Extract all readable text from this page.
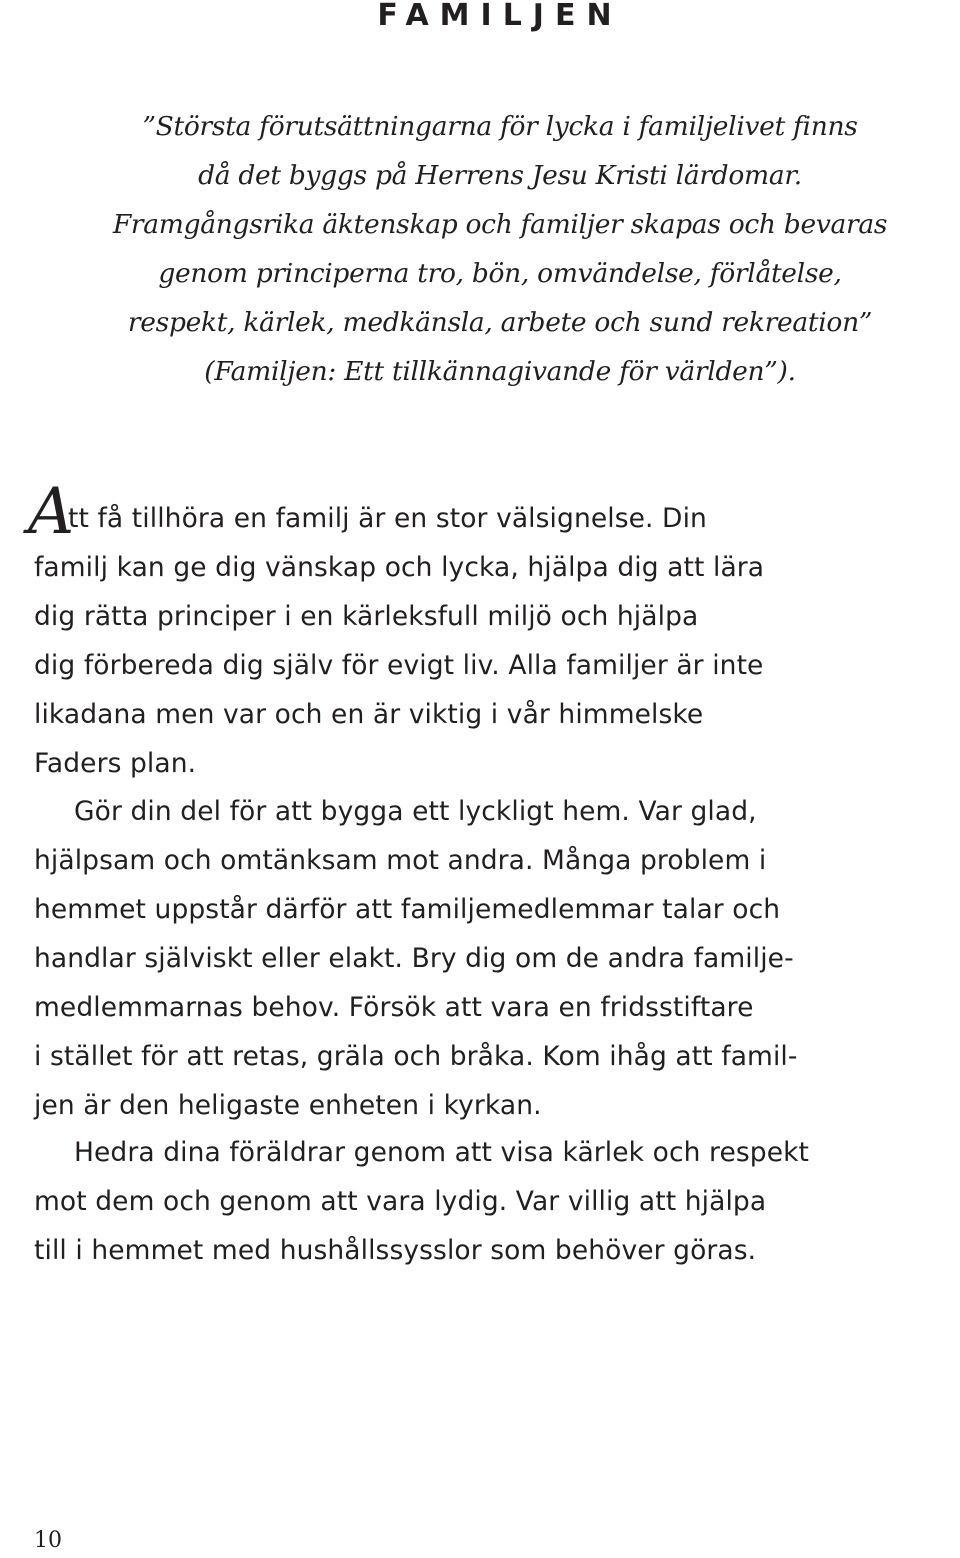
FAMILJEN
”Största förutsättningarna för lycka i familjelivet finns
då det byggs på Herrens Jesu Kristi lärdomar.
Framgångsrika äktenskap och familjer skapas och bevaras
genom principerna tro, bön, omvändelse, förlåtelse,
respekt, kärlek, medkänsla, arbete och sund rekreation”
(Familjen: Ett tillkännagivande för världen”).
Att få tillhöra en familj är en stor välsignelse. Din
familj kan ge dig vänskap och lycka, hjälpa dig att lära
dig rätta principer i en kärleksfull miljö och hjälpa
dig förbereda dig själv för evigt liv. Alla familjer är inte
likadana men var och en är viktig i vår himmelske
Faders plan.
Gör din del för att bygga ett lyckligt hem. Var glad,
hjälpsam och omtänksam mot andra. Många problem i
hemmet uppstår därför att familjemedlemmar talar och
handlar själviskt eller elakt. Bry dig om de andra familje-
medlemmarnas behov. Försök att vara en fridsstiftare
i stället för att retas, gräla och bråka. Kom ihåg att famil-
jen är den heligaste enheten i kyrkan.
Hedra dina föräldrar genom att visa kärlek och respekt
mot dem och genom att vara lydig. Var villig att hjälpa
till i hemmet med hushållssysslor som behöver göras.

10
